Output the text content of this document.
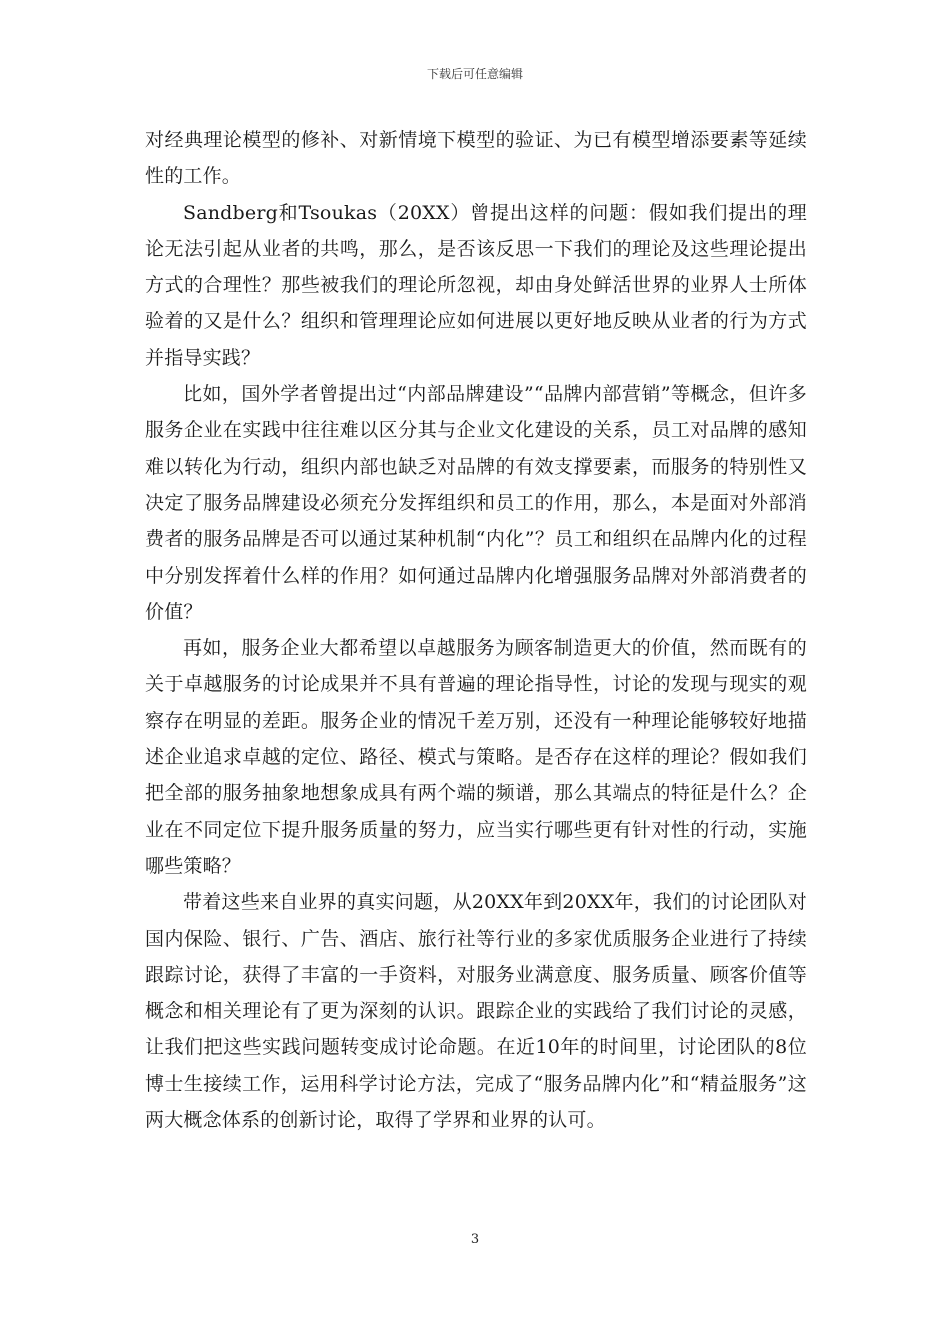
下载后可任意编辑

对经典理论模型的修补、对新情境下模型的验证、为已有模型增添要素等延续性的工作。

Sandberg和Tsoukas（20XX）曾提出这样的问题：假如我们提出的理论无法引起从业者的共鸣，那么，是否该反思一下我们的理论及这些理论提出方式的合理性？那些被我们的理论所忽视，却由身处鲜活世界的业界人士所体验着的又是什么？组织和管理理论应如何进展以更好地反映从业者的行为方式并指导实践？

比如，国外学者曾提出过“内部品牌建设”“品牌内部营销”等概念，但许多服务企业在实践中往往难以区分其与企业文化建设的关系，员工对品牌的感知难以转化为行动，组织内部也缺乏对品牌的有效支撑要素，而服务的特别性又决定了服务品牌建设必须充分发挥组织和员工的作用，那么，本是面对外部消费者的服务品牌是否可以通过某种机制“内化”？员工和组织在品牌内化的过程中分别发挥着什么样的作用？如何通过品牌内化增强服务品牌对外部消费者的价值？

再如，服务企业大都希望以卓越服务为顾客制造更大的价值，然而既有的关于卓越服务的讨论成果并不具有普遍的理论指导性，讨论的发现与现实的观察存在明显的差距。服务企业的情况千差万别，还没有一种理论能够较好地描述企业追求卓越的定位、路径、模式与策略。是否存在这样的理论？假如我们把全部的服务抽象地想象成具有两个端的频谱，那么其端点的特征是什么？企业在不同定位下提升服务质量的努力，应当实行哪些更有针对性的行动，实施哪些策略？

带着这些来自业界的真实问题，从20XX年到20XX年，我们的讨论团队对国内保险、银行、广告、酒店、旅行社等行业的多家优质服务企业进行了持续跟踪讨论，获得了丰富的一手资料，对服务业满意度、服务质量、顾客价值等概念和相关理论有了更为深刻的认识。跟踪企业的实践给了我们讨论的灵感，让我们把这些实践问题转变成讨论命题。在近10年的时间里，讨论团队的8位博士生接续工作，运用科学讨论方法，完成了“服务品牌内化”和“精益服务”这两大概念体系的创新讨论，取得了学界和业界的认可。

3
